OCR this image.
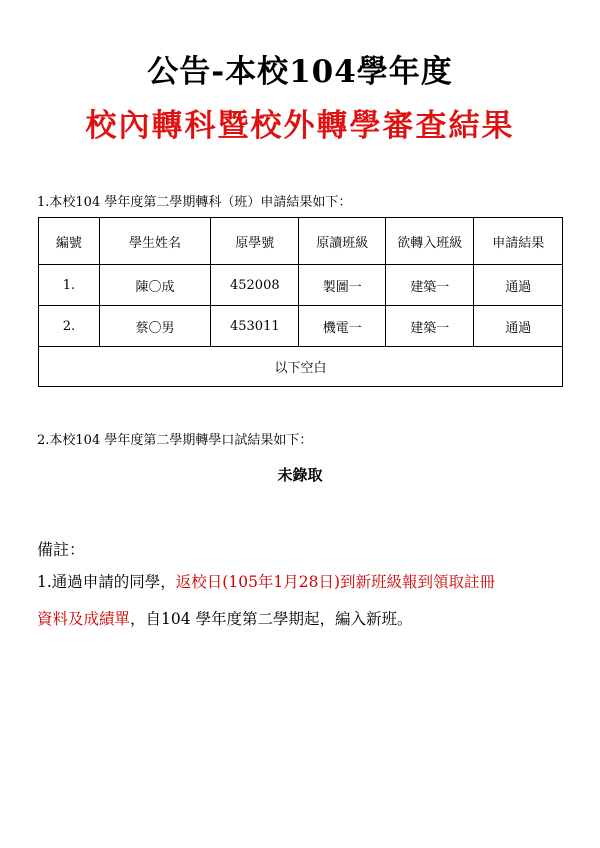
公告-本校104學年度
校內轉科暨校外轉學審查結果
1.本校104 學年度第二學期轉科（班）申請結果如下：
編號	學生姓名	原學號	原讀班級	欲轉入班級	申請結果
1.	陳〇成	452008	製圖一	建築一	通過
2.	蔡〇男	453011	機電一	建築一	通過
以下空白					
2.本校104 學年度第二學期轉學口試結果如下：
未錄取
備註：
1.通過申請的同學，返校日(105年1月28日)到新班級報到領取註冊
資料及成績單，自104 學年度第二學期起，編入新班。
